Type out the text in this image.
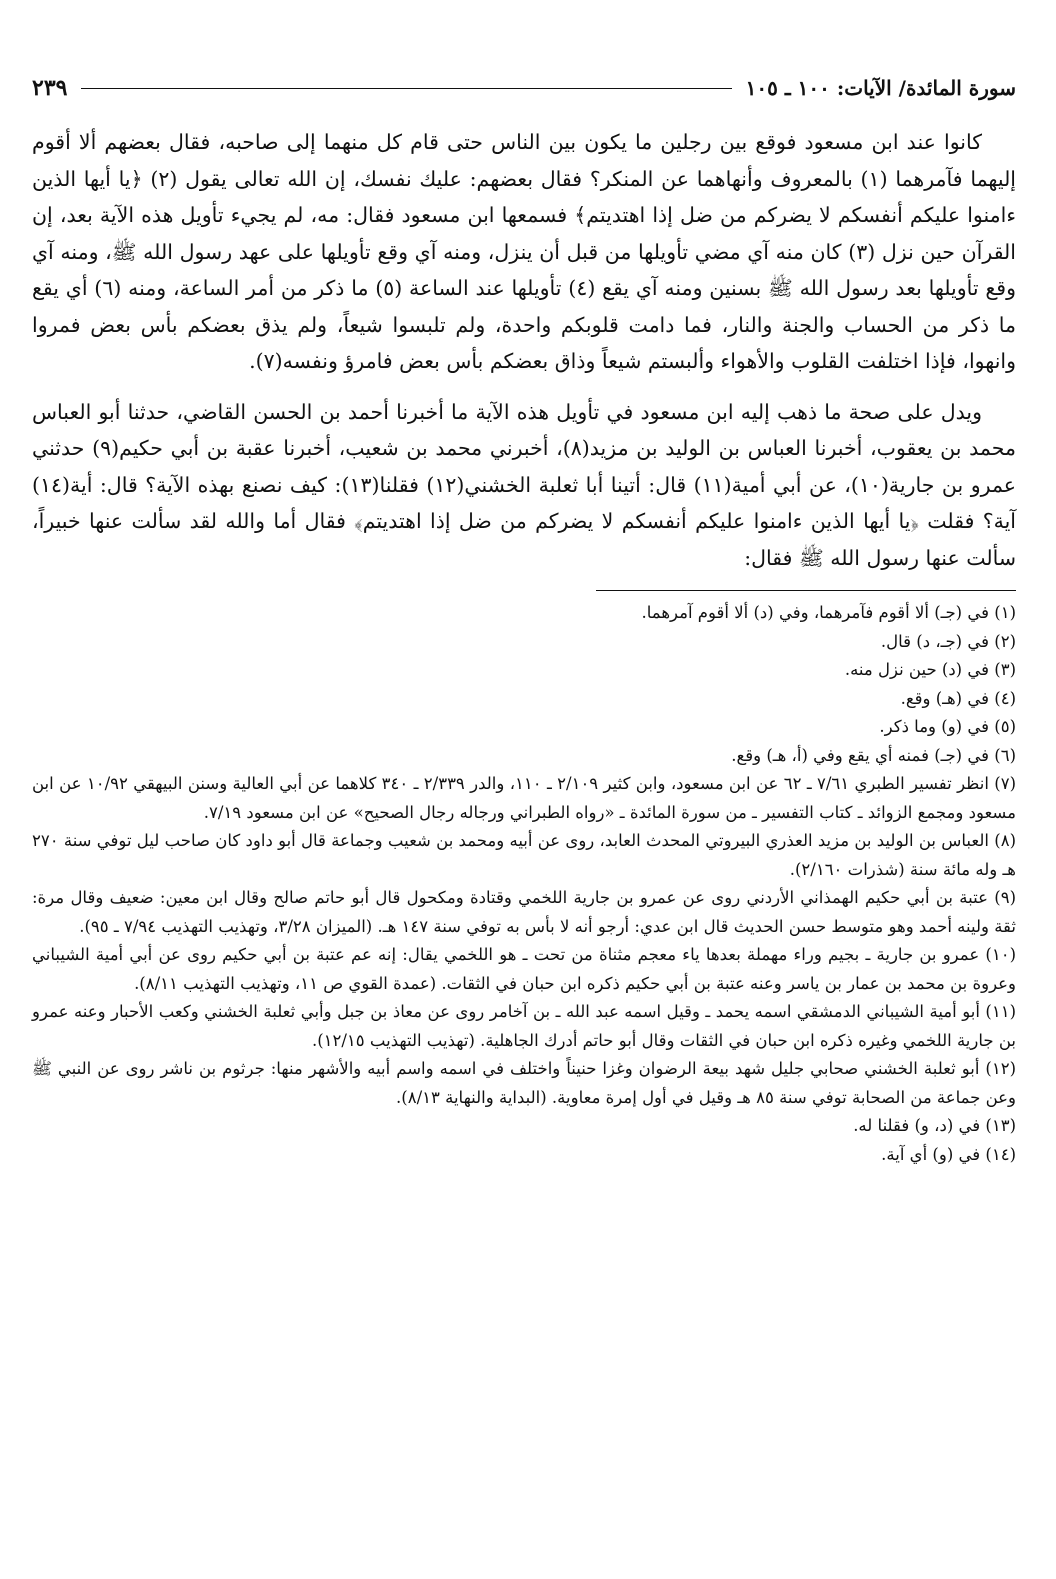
سورة المائدة/ الآيات: ١٠٠ ـ ١٠٥
٢٣٩

كانوا عند ابن مسعود فوقع بين رجلين ما يكون بين الناس حتى قام كل منهما إلى صاحبه، فقال بعضهم ألا أقوم إليهما فآمرهما (١) بالمعروف وأنهاهما عن المنكر؟ فقال بعضهم: عليك نفسك، إن الله تعالى يقول (٢) ﴿يا أيها الذين ءامنوا عليكم أنفسكم لا يضركم من ضل إذا اهتديتم﴾ فسمعها ابن مسعود فقال: مه، لم يجيء تأويل هذه الآية بعد، إن القرآن حين نزل (٣) كان منه آي مضي تأويلها من قبل أن ينزل، ومنه آي وقع تأويلها على عهد رسول الله ﷺ، ومنه آي وقع تأويلها بعد رسول الله ﷺ بسنين ومنه آي يقع (٤) تأويلها عند الساعة (٥) ما ذكر من أمر الساعة، ومنه (٦) أي يقع ما ذكر من الحساب والجنة والنار، فما دامت قلوبكم واحدة، ولم تلبسوا شيعاً، ولم يذق بعضكم بأس بعض فمروا وانهوا، فإذا اختلفت القلوب والأهواء وألبستم شيعاً وذاق بعضكم بأس بعض فامرؤ ونفسه(٧).

ويدل على صحة ما ذهب إليه ابن مسعود في تأويل هذه الآية ما أخبرنا أحمد بن الحسن القاضي، حدثنا أبو العباس محمد بن يعقوب، أخبرنا العباس بن الوليد بن مزيد(٨)، أخبرني محمد بن شعيب، أخبرنا عقبة بن أبي حكيم(٩) حدثني عمرو بن جارية(١٠)، عن أبي أمية(١١) قال: أتينا أبا ثعلبة الخشني(١٢) فقلنا(١٣): كيف نصنع بهذه الآية؟ قال: أية(١٤) آية؟ فقلت ﴿يا أيها الذين ءامنوا عليكم أنفسكم لا يضركم من ضل إذا اهتديتم﴾ فقال أما والله لقد سألت عنها خبيراً، سألت عنها رسول الله ﷺ فقال:

(١) في (جـ) ألا أقوم فآمرهما، وفي (د) ألا أقوم آمرهما.

(٢) في (جـ، د) قال.

(٣) في (د) حين نزل منه.

(٤) في (هـ) وقع.

(٥) في (و) وما ذكر.

(٦) في (جـ) فمنه أي يقع وفي (أ، هـ) وقع.

(٧) انظر تفسير الطبري ٧/٦١ ـ ٦٢ عن ابن مسعود، وابن كثير ٢/١٠٩ ـ ١١٠، والدر ٢/٣٣٩ ـ ٣٤٠ كلاهما عن أبي العالية وسنن البيهقي ١٠/٩٢ عن ابن مسعود ومجمع الزوائد ـ كتاب التفسير ـ من سورة المائدة ـ «رواه الطبراني ورجاله رجال الصحيح» عن ابن مسعود ٧/١٩.

(٨) العباس بن الوليد بن مزيد العذري البيروتي المحدث العابد، روى عن أبيه ومحمد بن شعيب وجماعة قال أبو داود كان صاحب ليل توفي سنة ٢٧٠ هـ وله مائة سنة (شذرات ٢/١٦٠).

(٩) عتبة بن أبي حكيم الهمذاني الأردني روى عن عمرو بن جارية اللخمي وقتادة ومكحول قال أبو حاتم صالح وقال ابن معين: ضعيف وقال مرة: ثقة ولينه أحمد وهو متوسط حسن الحديث قال ابن عدي: أرجو أنه لا بأس به توفي سنة ١٤٧ هـ. (الميزان ٣/٢٨، وتهذيب التهذيب ٧/٩٤ ـ ٩٥).

(١٠) عمرو بن جارية ـ بجيم وراء مهملة بعدها ياء معجم مثناة من تحت ـ هو اللخمي يقال: إنه عم عتبة بن أبي حكيم روى عن أبي أمية الشيباني وعروة بن محمد بن عمار بن ياسر وعنه عتبة بن أبي حكيم ذكره ابن حبان في الثقات. (عمدة القوي ص ١١، وتهذيب التهذيب ٨/١١).

(١١) أبو أمية الشيباني الدمشقي اسمه يحمد ـ وقيل اسمه عبد الله ـ بن آخامر روى عن معاذ بن جبل وأبي ثعلبة الخشني وكعب الأحبار وعنه عمرو بن جارية اللخمي وغيره ذكره ابن حبان في الثقات وقال أبو حاتم أدرك الجاهلية. (تهذيب التهذيب ١٢/١٥).

(١٢) أبو ثعلبة الخشني صحابي جليل شهد بيعة الرضوان وغزا حنيناً واختلف في اسمه واسم أبيه والأشهر منها: جرثوم بن ناشر روى عن النبي ﷺ وعن جماعة من الصحابة توفي سنة ٨٥ هـ وقيل في أول إمرة معاوية. (البداية والنهاية ٨/١٣).

(١٣) في (د، و) فقلنا له.

(١٤) في (و) أي آية.
